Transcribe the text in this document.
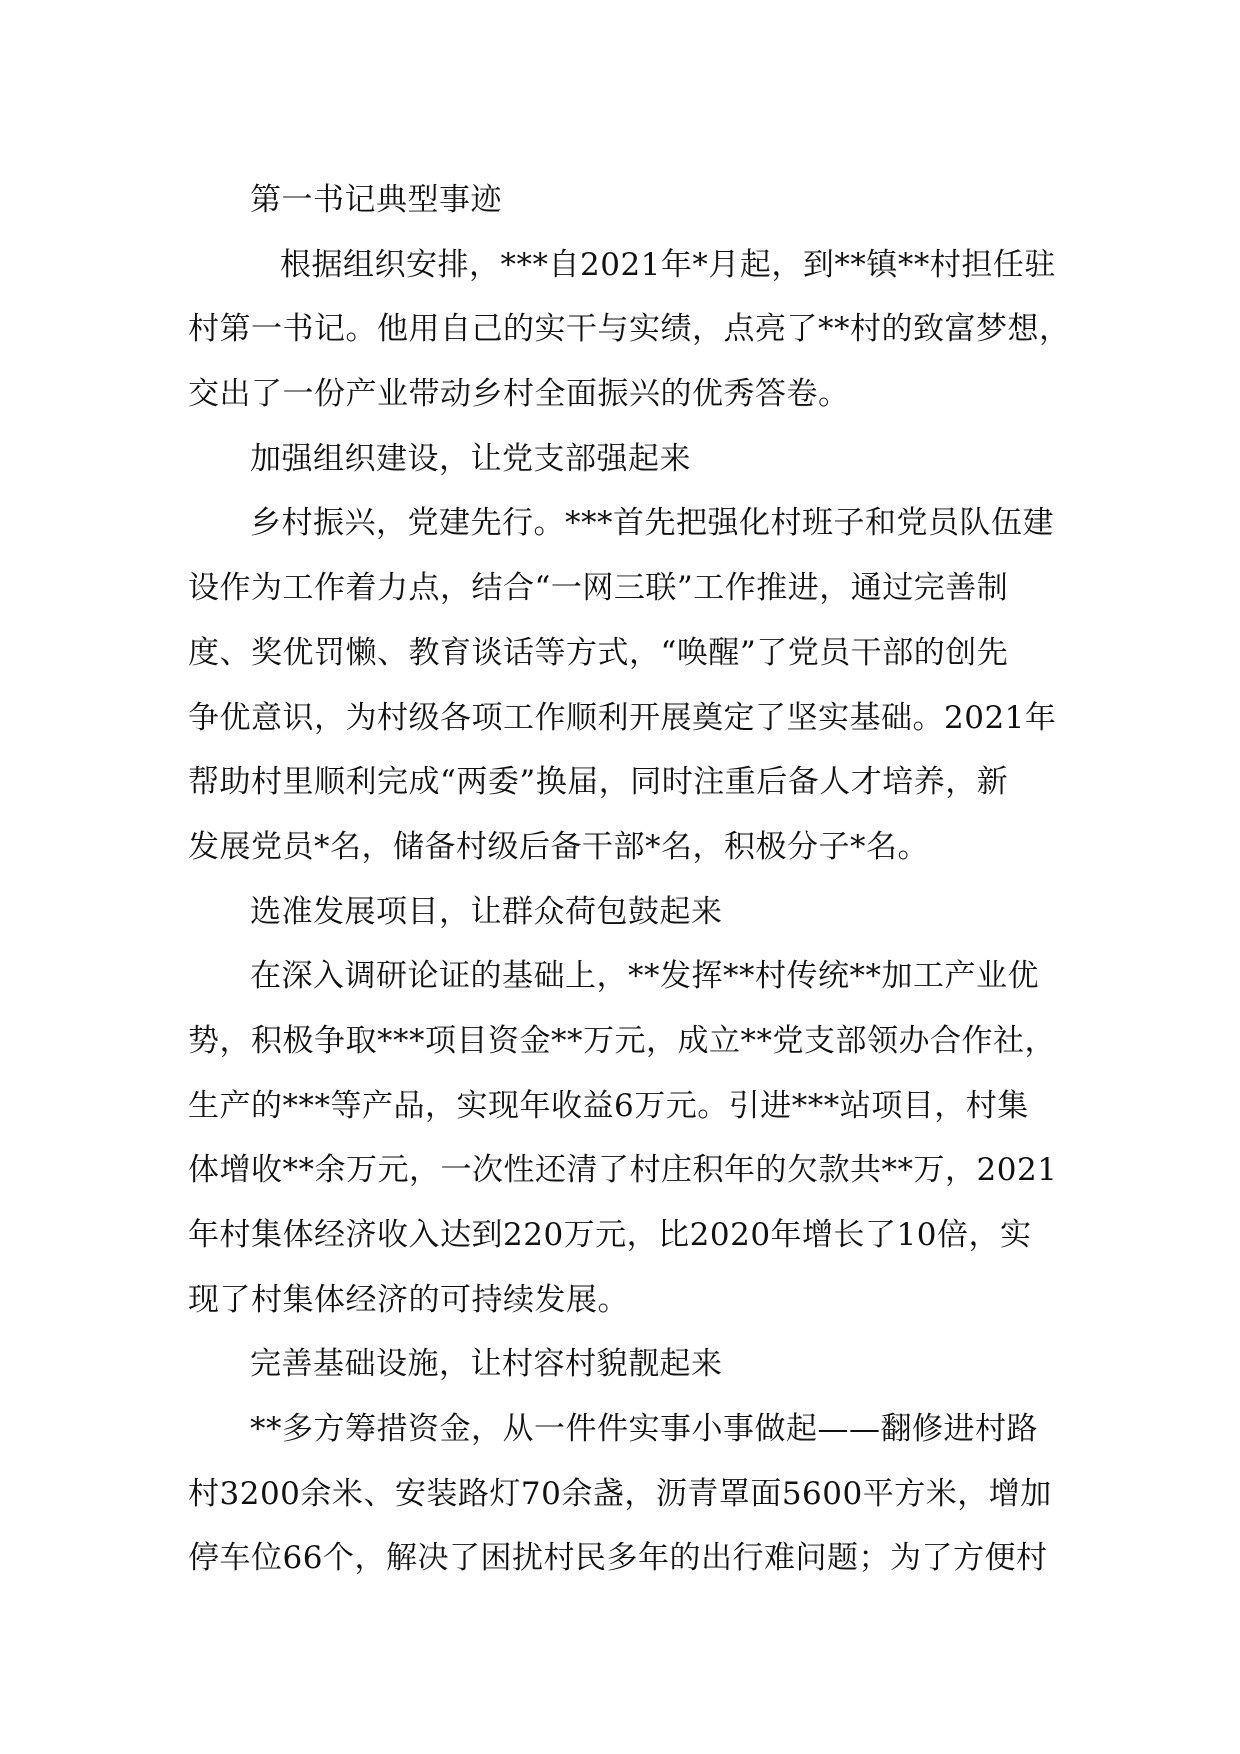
第一书记典型事迹
根据组织安排，***自2021年*月起，到**镇**村担任驻
村第一书记。他用自己的实干与实绩，点亮了**村的致富梦想，
交出了一份产业带动乡村全面振兴的优秀答卷。
加强组织建设，让党支部强起来
乡村振兴，党建先行。***首先把强化村班子和党员队伍建
设作为工作着力点，结合“一网三联”工作推进，通过完善制
度、奖优罚懒、教育谈话等方式，“唤醒”了党员干部的创先
争优意识，为村级各项工作顺利开展奠定了坚实基础。2021年
帮助村里顺利完成“两委”换届，同时注重后备人才培养，新
发展党员*名，储备村级后备干部*名，积极分子*名。
选准发展项目，让群众荷包鼓起来
在深入调研论证的基础上，**发挥**村传统**加工产业优
势，积极争取***项目资金**万元，成立**党支部领办合作社，
生产的***等产品，实现年收益6万元。引进***站项目，村集
体增收**余万元，一次性还清了村庄积年的欠款共**万，2021
年村集体经济收入达到220万元，比2020年增长了10倍，实
现了村集体经济的可持续发展。
完善基础设施，让村容村貌靓起来
**多方筹措资金，从一件件实事小事做起——翻修进村路
村3200余米、安装路灯70余盏，沥青罩面5600平方米，增加
停车位66个，解决了困扰村民多年的出行难问题；为了方便村
